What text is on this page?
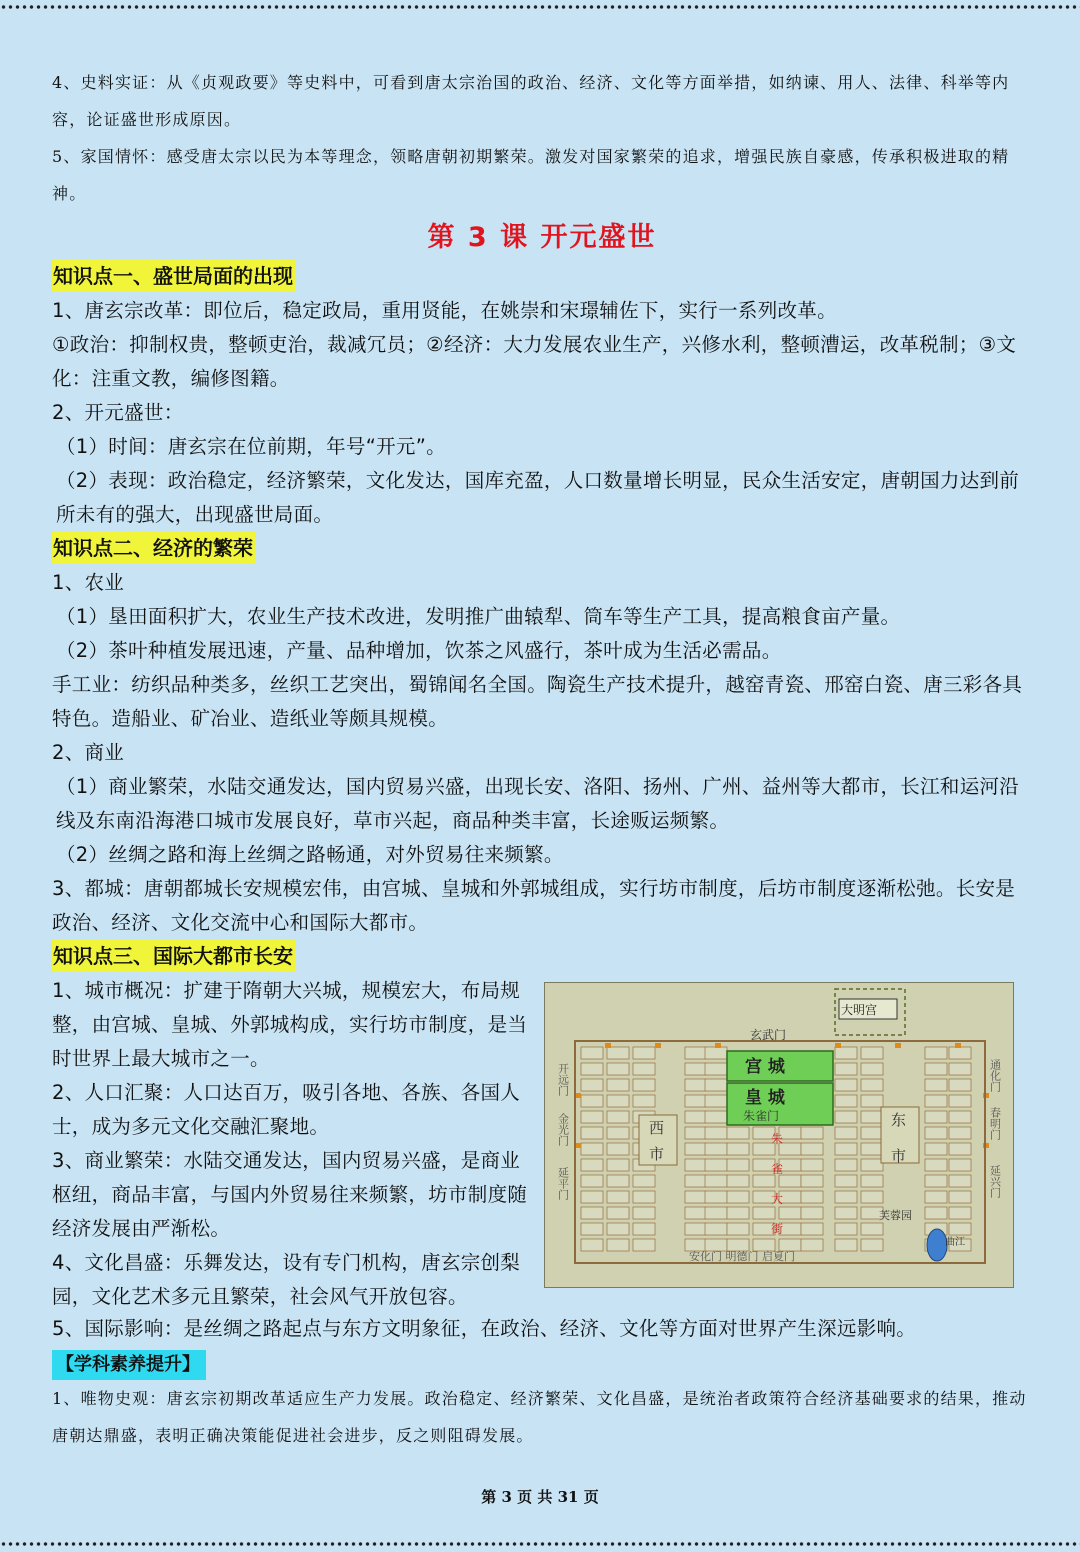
4、史料实证：从《贞观政要》等史料中，可看到唐太宗治国的政治、经济、文化等方面举措，如纳谏、用人、法律、科举等内容，论证盛世形成原因。

5、家国情怀：感受唐太宗以民为本等理念，领略唐朝初期繁荣。激发对国家繁荣的追求，增强民族自豪感，传承积极进取的精神。

第 3 课 开元盛世

知识点一、盛世局面的出现

1、唐玄宗改革：即位后，稳定政局，重用贤能，在姚崇和宋璟辅佐下，实行一系列改革。

①政治：抑制权贵，整顿吏治，裁减冗员；②经济：大力发展农业生产，兴修水利，整顿漕运，改革税制；③文化：注重文教，编修图籍。

2、开元盛世：

（1）时间：唐玄宗在位前期，年号“开元”。

（2）表现：政治稳定，经济繁荣，文化发达，国库充盈，人口数量增长明显，民众生活安定，唐朝国力达到前所未有的强大，出现盛世局面。

知识点二、经济的繁荣

1、农业

（1）垦田面积扩大，农业生产技术改进，发明推广曲辕犁、筒车等生产工具，提高粮食亩产量。

（2）茶叶种植发展迅速，产量、品种增加，饮茶之风盛行，茶叶成为生活必需品。

手工业：纺织品种类多，丝织工艺突出，蜀锦闻名全国。陶瓷生产技术提升，越窑青瓷、邢窑白瓷、唐三彩各具特色。造船业、矿冶业、造纸业等颇具规模。

2、商业

（1）商业繁荣，水陆交通发达，国内贸易兴盛，出现长安、洛阳、扬州、广州、益州等大都市，长江和运河沿线及东南沿海港口城市发展良好，草市兴起，商品种类丰富，长途贩运频繁。

（2）丝绸之路和海上丝绸之路畅通，对外贸易往来频繁。

3、都城：唐朝都城长安规模宏伟，由宫城、皇城和外郭城组成，实行坊市制度，后坊市制度逐渐松弛。长安是政治、经济、文化交流中心和国际大都市。

知识点三、国际大都市长安

1、城市概况：扩建于隋朝大兴城，规模宏大，布局规整，由宫城、皇城、外郭城构成，实行坊市制度，是当时世界上最大城市之一。

2、人口汇聚：人口达百万，吸引各地、各族、各国人士，成为多元文化交融汇聚地。

3、商业繁荣：水陆交通发达，国内贸易兴盛，是商业枢纽，商品丰富，与国内外贸易往来频繁，坊市制度随经济发展由严渐松。

4、文化昌盛：乐舞发达，设有专门机构，唐玄宗创梨园，文化艺术多元且繁荣，社会风气开放包容。

大明宫
玄武门
宫 城
皇 城
朱雀门
西
市
东
市
开远门
金光门
延平门
通化门
春明门
延兴门
朱
雀
大
街
芙蓉园
曲江
安化门 明德门 启夏门

5、国际影响：是丝绸之路起点与东方文明象征，在政治、经济、文化等方面对世界产生深远影响。

【学科素养提升】

1、唯物史观：唐玄宗初期改革适应生产力发展。政治稳定、经济繁荣、文化昌盛，是统治者政策符合经济基础要求的结果，推动唐朝达鼎盛，表明正确决策能促进社会进步，反之则阻碍发展。

第 3 页 共 31 页
